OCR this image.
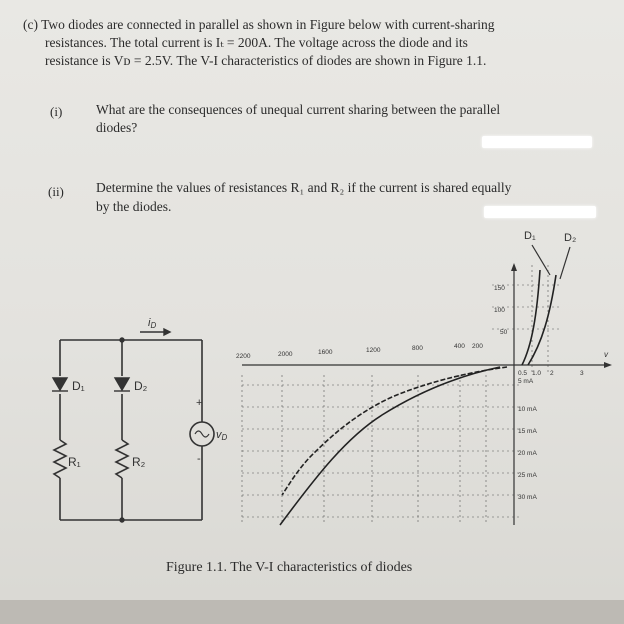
(c) Two diodes are connected in parallel as shown in Figure below with current-sharing
resistances. The total current is Iₜ = 200A. The voltage across the diode and its
resistance is Vᴅ = 2.5V. The V-I characteristics of diodes are shown in Figure 1.1.
(i) What are the consequences of unequal current sharing between the parallel
diodes?
(ii) Determine the values of resistances R₁ and R₂ if the current is shared equally
by the diodes.
iD
D₁	D₂
R₁	R₂
vD
+
-
D₁	D₂
2200	2000	1600	1200	800	400 200
0.5 1.0 2	3
v
150
100
50
5 mA
10 mA
15 mA
20 mA
25 mA
30 mA
Figure 1.1. The V-I characteristics of diodes
